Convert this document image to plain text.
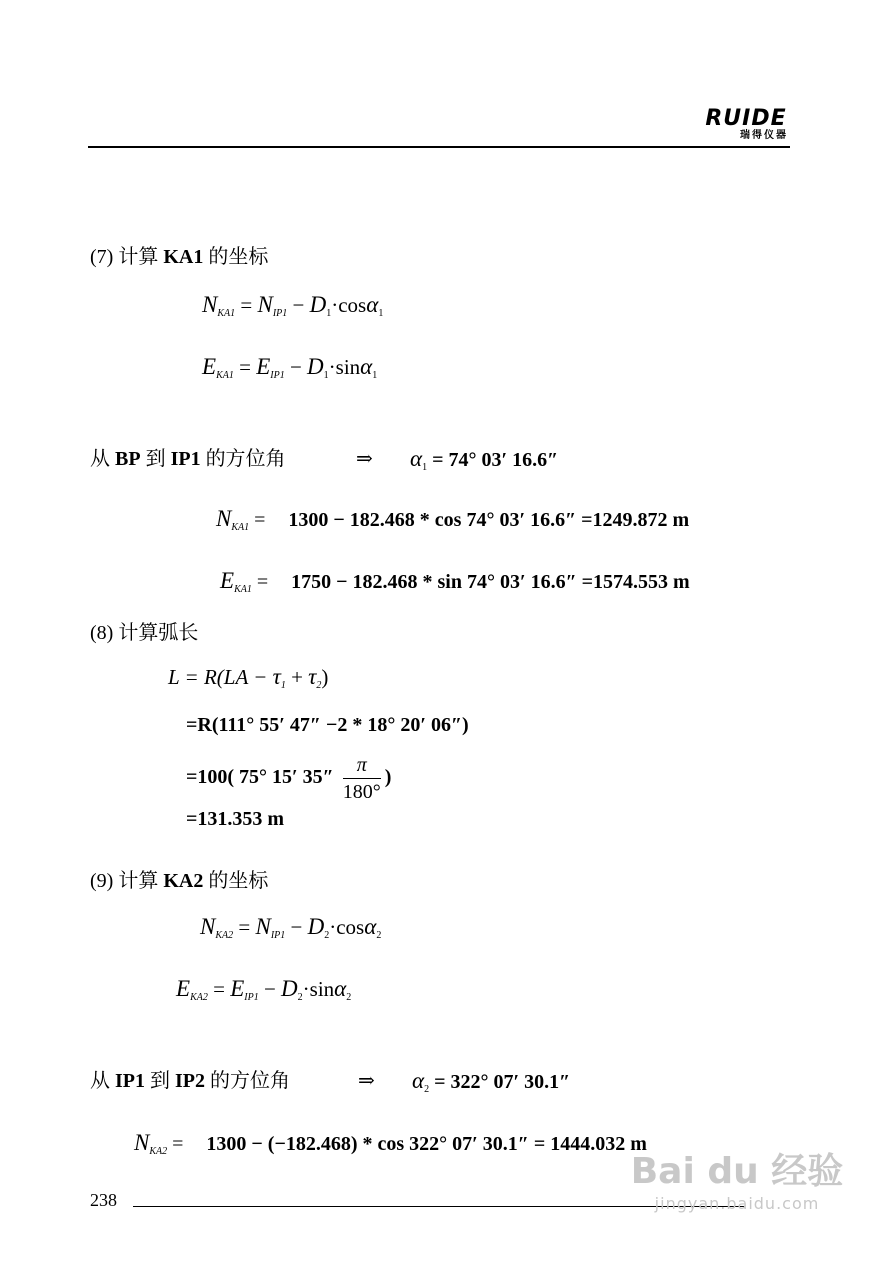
RUIDE
瑞得仪器
(7) 计算 KA1 的坐标
$N_{KA1} = N_{IP1} - D1\cdot\cos\alpha 1$
$E_{KA1} = E_{IP1} - D1\cdot\sin\alpha 1$
从 BP 到 IP1 的方位角	⇒ $\alpha_1 = 74^\circ$ 03′ 16.6″
$N_{KA1} = 1300 - 182.468 * \cos 74^\circ$ 03′ 16.6″ =1249.872 m
$E_{KA1} = 1750 - 182.468 * \sin 74^\circ$ 03′ 16.6″ =1574.553 m
(8) 计算弧长
L = R(LA − τ1 + τ2)
=R(111° 55′ 47″ −2 * 18° 20′ 06″)
=100( 75° 15′ $35'' \frac{\pi}{180^\circ}$ )
=131.353 m
(9) 计算 KA2 的坐标
$N_{KA2} = N_{IP1} - D2\cdot\cos\alpha 2$
$E_{KA2} = E_{IP1} - D2\cdot\sin\alpha 2$
从 IP1 到 IP2 的方位角	⇒ $\alpha_2 = 322^\circ$ 07′ 30.1″
$N_{KA2} = 1300 - (-182.468) * \cos 322^\circ$ 07′ 30.1″ = 1444.032 m
238
Bai du 经验
jingyan.baidu.com
